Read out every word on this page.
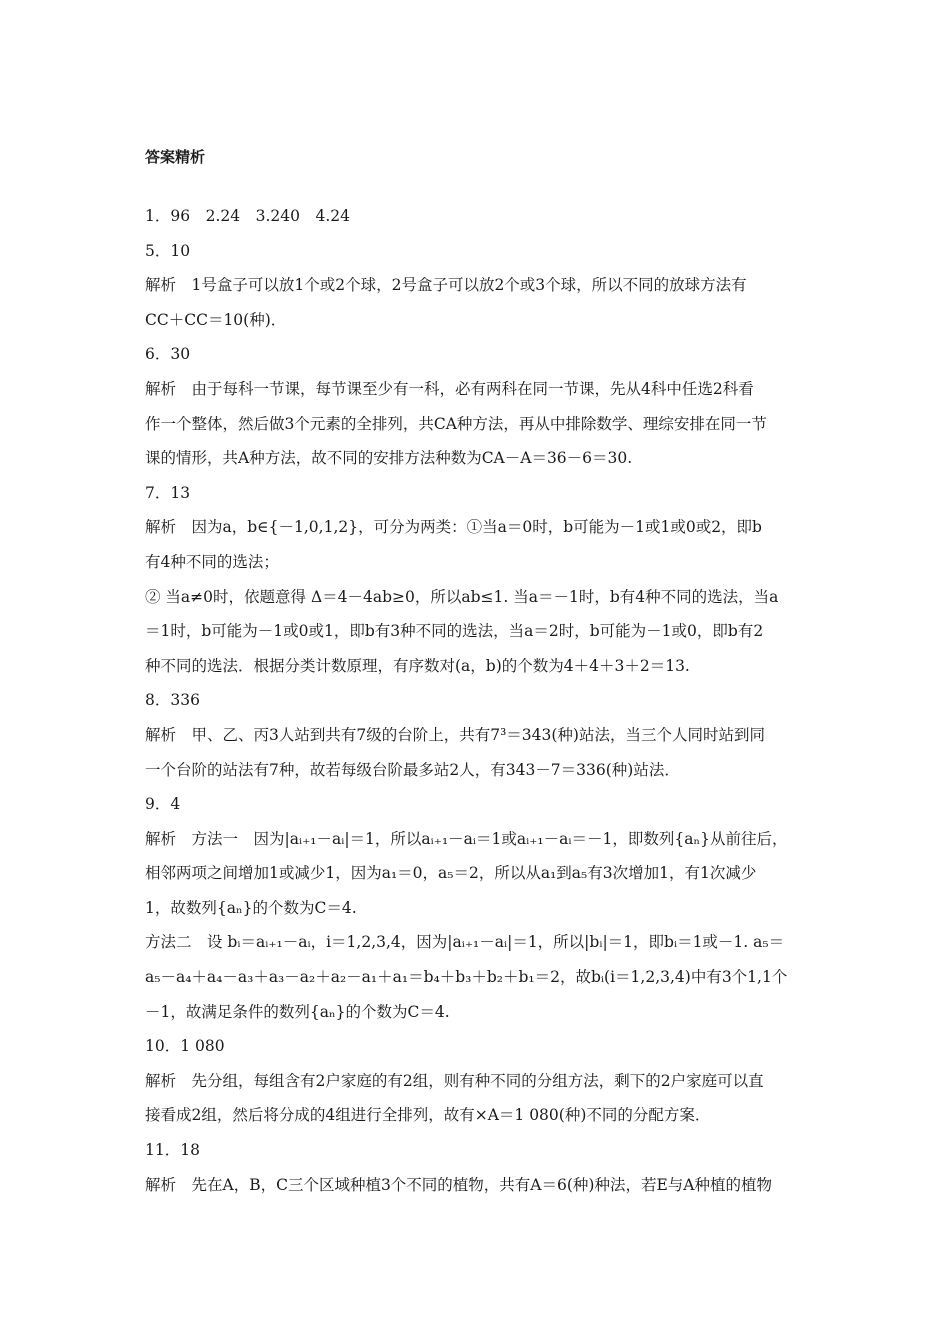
答案精析
1．96　2.24　3.240　4.24
5．10
解析　1号盒子可以放1个或2个球，2号盒子可以放2个或3个球，所以不同的放球方法有
CC＋CC＝10(种)．
6．30
解析　由于每科一节课，每节课至少有一科，必有两科在同一节课，先从4科中任选2科看
作一个整体，然后做3个元素的全排列，共CA种方法，再从中排除数学、理综安排在同一节
课的情形，共A种方法，故不同的安排方法种数为CA－A＝36－6＝30.
7．13
解析　因为a，b∈{－1,0,1,2}，可分为两类：①当a＝0时，b可能为－1或1或0或2，即b
有4种不同的选法；
② 当a≠0时，依题意得 Δ＝4－4ab≥0，所以ab≤1. 当a＝－1时，b有4种不同的选法，当a
＝1时，b可能为－1或0或1，即b有3种不同的选法，当a＝2时，b可能为－1或0，即b有2
种不同的选法．根据分类计数原理，有序数对(a，b)的个数为4＋4＋3＋2＝13.
8．336
解析　甲、乙、丙3人站到共有7级的台阶上，共有7³＝343(种)站法，当三个人同时站到同
一个台阶的站法有7种，故若每级台阶最多站2人，有343－7＝336(种)站法．
9．4
解析　方法一　因为|aᵢ₊₁－aᵢ|＝1，所以aᵢ₊₁－aᵢ＝1或aᵢ₊₁－aᵢ＝－1，即数列{aₙ}从前往后，
相邻两项之间增加1或减少1，因为a₁＝0，a₅＝2，所以从a₁到a₅有3次增加1，有1次减少
1，故数列{aₙ}的个数为C＝4.
方法二　设 bᵢ＝aᵢ₊₁－aᵢ，i＝1,2,3,4，因为|aᵢ₊₁－aᵢ|＝1，所以|bᵢ|＝1，即bᵢ＝1或－1. a₅＝
a₅－a₄＋a₄－a₃＋a₃－a₂＋a₂－a₁＋a₁＝b₄＋b₃＋b₂＋b₁＝2，故bᵢ(i＝1,2,3,4)中有3个1,1个
－1，故满足条件的数列{aₙ}的个数为C＝4.
10．1 080
解析　先分组，每组含有2户家庭的有2组，则有种不同的分组方法，剩下的2户家庭可以直
接看成2组，然后将分成的4组进行全排列，故有×A＝1 080(种)不同的分配方案．
11．18
解析　先在A，B，C三个区域种植3个不同的植物，共有A＝6(种)种法，若E与A种植的植物
